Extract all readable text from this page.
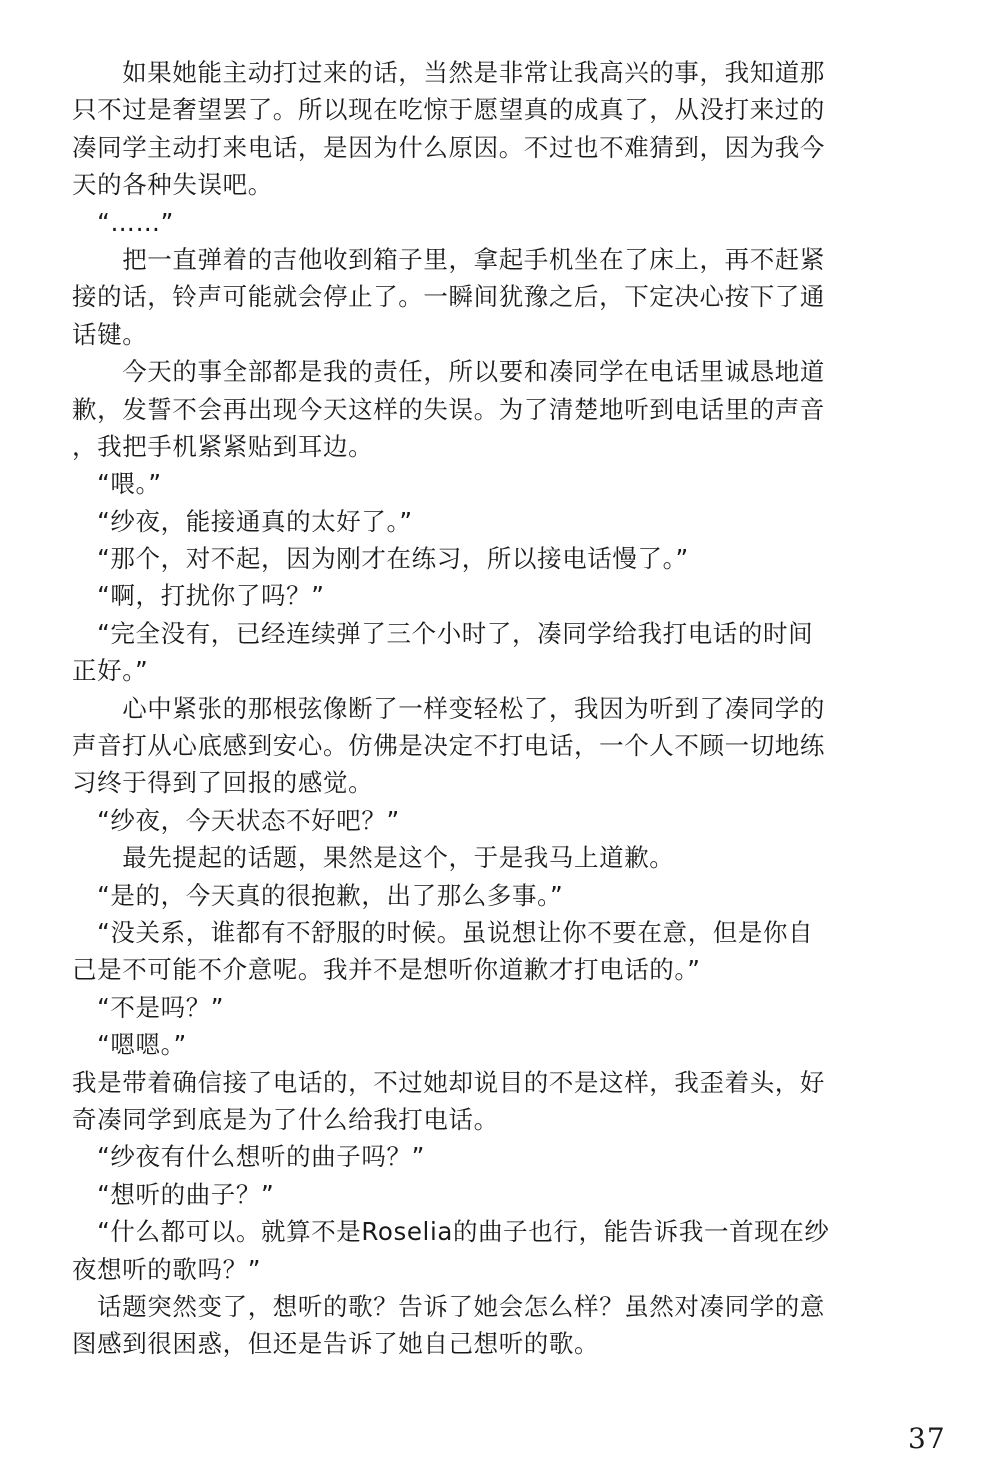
　　如果她能主动打过来的话，当然是非常让我高兴的事，我知道那
只不过是奢望罢了。所以现在吃惊于愿望真的成真了，从没打来过的
凑同学主动打来电话，是因为什么原因。不过也不难猜到，因为我今
天的各种失误吧。
　“……”
　　把一直弹着的吉他收到箱子里，拿起手机坐在了床上，再不赶紧
接的话，铃声可能就会停止了。一瞬间犹豫之后，下定决心按下了通
话键。
　　今天的事全部都是我的责任，所以要和凑同学在电话里诚恳地道
歉，发誓不会再出现今天这样的失误。为了清楚地听到电话里的声音
，我把手机紧紧贴到耳边。
　“喂。”
　“纱夜，能接通真的太好了。”
　“那个，对不起，因为刚才在练习，所以接电话慢了。”
　“啊，打扰你了吗？”
　“完全没有，已经连续弹了三个小时了，凑同学给我打电话的时间
正好。”
　　心中紧张的那根弦像断了一样变轻松了，我因为听到了凑同学的
声音打从心底感到安心。仿佛是决定不打电话，一个人不顾一切地练
习终于得到了回报的感觉。
　“纱夜，今天状态不好吧？”
　　最先提起的话题，果然是这个，于是我马上道歉。
　“是的，今天真的很抱歉，出了那么多事。”
　“没关系，谁都有不舒服的时候。虽说想让你不要在意，但是你自
己是不可能不介意呢。我并不是想听你道歉才打电话的。”
　“不是吗？”
　“嗯嗯。”
我是带着确信接了电话的，不过她却说目的不是这样，我歪着头，好
奇凑同学到底是为了什么给我打电话。
　“纱夜有什么想听的曲子吗？”
　“想听的曲子？”
　“什么都可以。就算不是Roselia的曲子也行，能告诉我一首现在纱
夜想听的歌吗？”
　话题突然变了，想听的歌？告诉了她会怎么样？虽然对凑同学的意
图感到很困惑，但还是告诉了她自己想听的歌。
37
